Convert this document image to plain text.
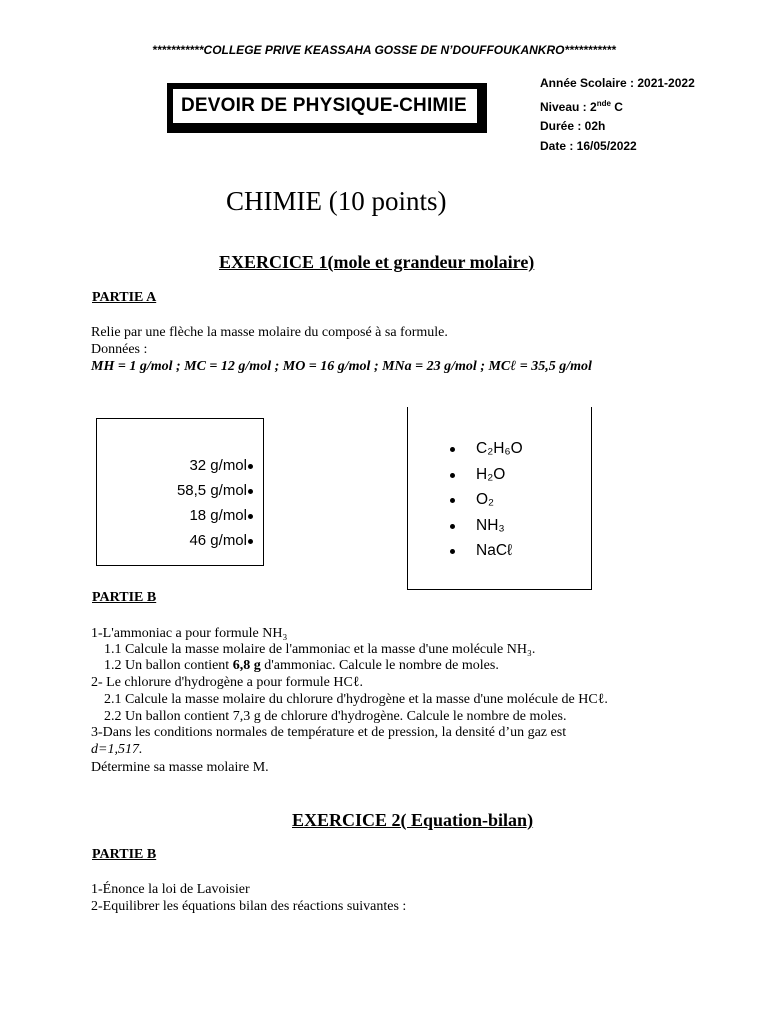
***********COLLEGE PRIVE KEASSAHA GOSSE DE N’DOUFFOUKANKRO***********
DEVOIR DE PHYSIQUE-CHIMIE
Année Scolaire : 2021-2022
Niveau : 2nde C
Durée : 02h
Date : 16/05/2022
CHIMIE (10 points)
EXERCICE 1(mole et grandeur molaire)
PARTIE A
Relie par une flèche la masse molaire du composé à sa formule.
Données :
MH = 1 g/mol ; MC = 12 g/mol ; MO = 16 g/mol ; MNa = 23 g/mol ; MCℓ = 35,5 g/mol
32 g/mol
58,5 g/mol
18 g/mol
46 g/mol
C₂H₆O
H₂O
O₂
NH₃
NaCℓ
PARTIE B
1-L'ammoniac a pour formule NH₃
1.1 Calcule la masse molaire de l'ammoniac et la masse d'une molécule NH₃.
1.2 Un ballon contient 6,8 g d'ammoniac. Calcule le nombre de moles.
2- Le chlorure d'hydrogène a pour formule HCℓ.
2.1 Calcule la masse molaire du chlorure d'hydrogène et la masse d'une molécule de HCℓ.
2.2 Un ballon contient 7,3 g de chlorure d'hydrogène. Calcule le nombre de moles.
3-Dans les conditions normales de température et de pression, la densité d’un gaz est
d=1,517.
Détermine sa masse molaire M.
EXERCICE 2( Equation-bilan)
PARTIE B
1-Énonce la loi de Lavoisier
2-Equilibrer les équations bilan des réactions suivantes :
